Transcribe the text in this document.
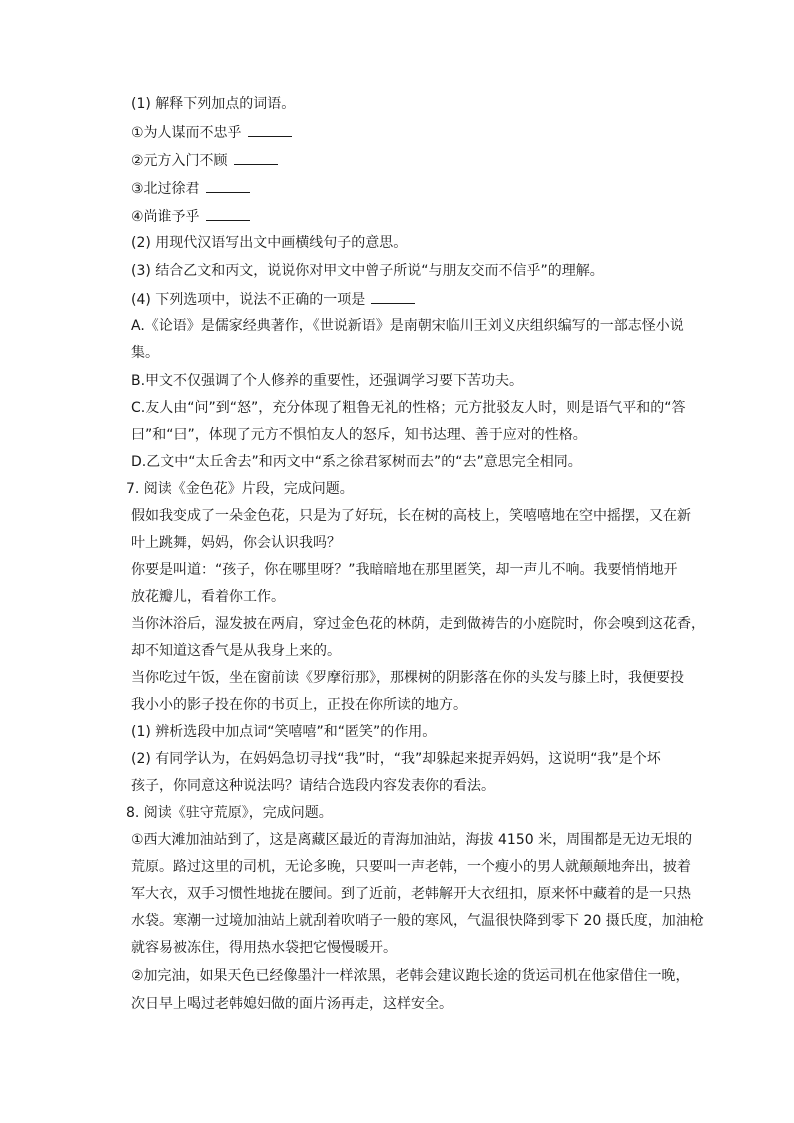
(1) 解释下列加点的词语。
①为人谋而不忠乎
②元方入门不顾
③北过徐君
④尚谁予乎
(2) 用现代汉语写出文中画横线句子的意思。
(3) 结合乙文和丙文，说说你对甲文中曾子所说“与朋友交而不信乎”的理解。
(4) 下列选项中，说法不正确的一项是
A.《论语》是儒家经典著作，《世说新语》是南朝宋临川王刘义庆组织编写的一部志怪小说
集。
B.甲文不仅强调了个人修养的重要性，还强调学习要下苦功夫。
C.友人由“问”到“怒”，充分体现了粗鲁无礼的性格；元方批驳友人时，则是语气平和的“答
曰”和“曰”，体现了元方不惧怕友人的怒斥，知书达理、善于应对的性格。
D.乙文中“太丘舍去”和丙文中“系之徐君冢树而去”的“去”意思完全相同。
7. 阅读《金色花》片段，完成问题。
假如我变成了一朵金色花，只是为了好玩，长在树的高枝上，笑嘻嘻地在空中摇摆，又在新
叶上跳舞，妈妈，你会认识我吗？
你要是叫道：“孩子，你在哪里呀？”我暗暗地在那里匿笑，却一声儿不响。我要悄悄地开
放花瓣儿，看着你工作。
当你沐浴后，湿发披在两肩，穿过金色花的林荫，走到做祷告的小庭院时，你会嗅到这花香，
却不知道这香气是从我身上来的。
当你吃过午饭，坐在窗前读《罗摩衍那》，那棵树的阴影落在你的头发与膝上时，我便要投
我小小的影子投在你的书页上，正投在你所读的地方。
(1) 辨析选段中加点词“笑嘻嘻”和“匿笑”的作用。
(2) 有同学认为，在妈妈急切寻找“我”时，“我”却躲起来捉弄妈妈，这说明“我”是个坏
孩子，你同意这种说法吗？请结合选段内容发表你的看法。
8. 阅读《驻守荒原》，完成问题。
①西大滩加油站到了，这是离藏区最近的青海加油站，海拔 4150 米，周围都是无边无垠的
荒原。路过这里的司机，无论多晚，只要叫一声老韩，一个瘦小的男人就颠颠地奔出，披着
军大衣，双手习惯性地拢在腰间。到了近前，老韩解开大衣纽扣，原来怀中藏着的是一只热
水袋。寒潮一过境加油站上就刮着吹哨子一般的寒风，气温很快降到零下 20 摄氏度，加油枪
就容易被冻住，得用热水袋把它慢慢暖开。
②加完油，如果天色已经像墨汁一样浓黑，老韩会建议跑长途的货运司机在他家借住一晚，
次日早上喝过老韩媳妇做的面片汤再走，这样安全。
